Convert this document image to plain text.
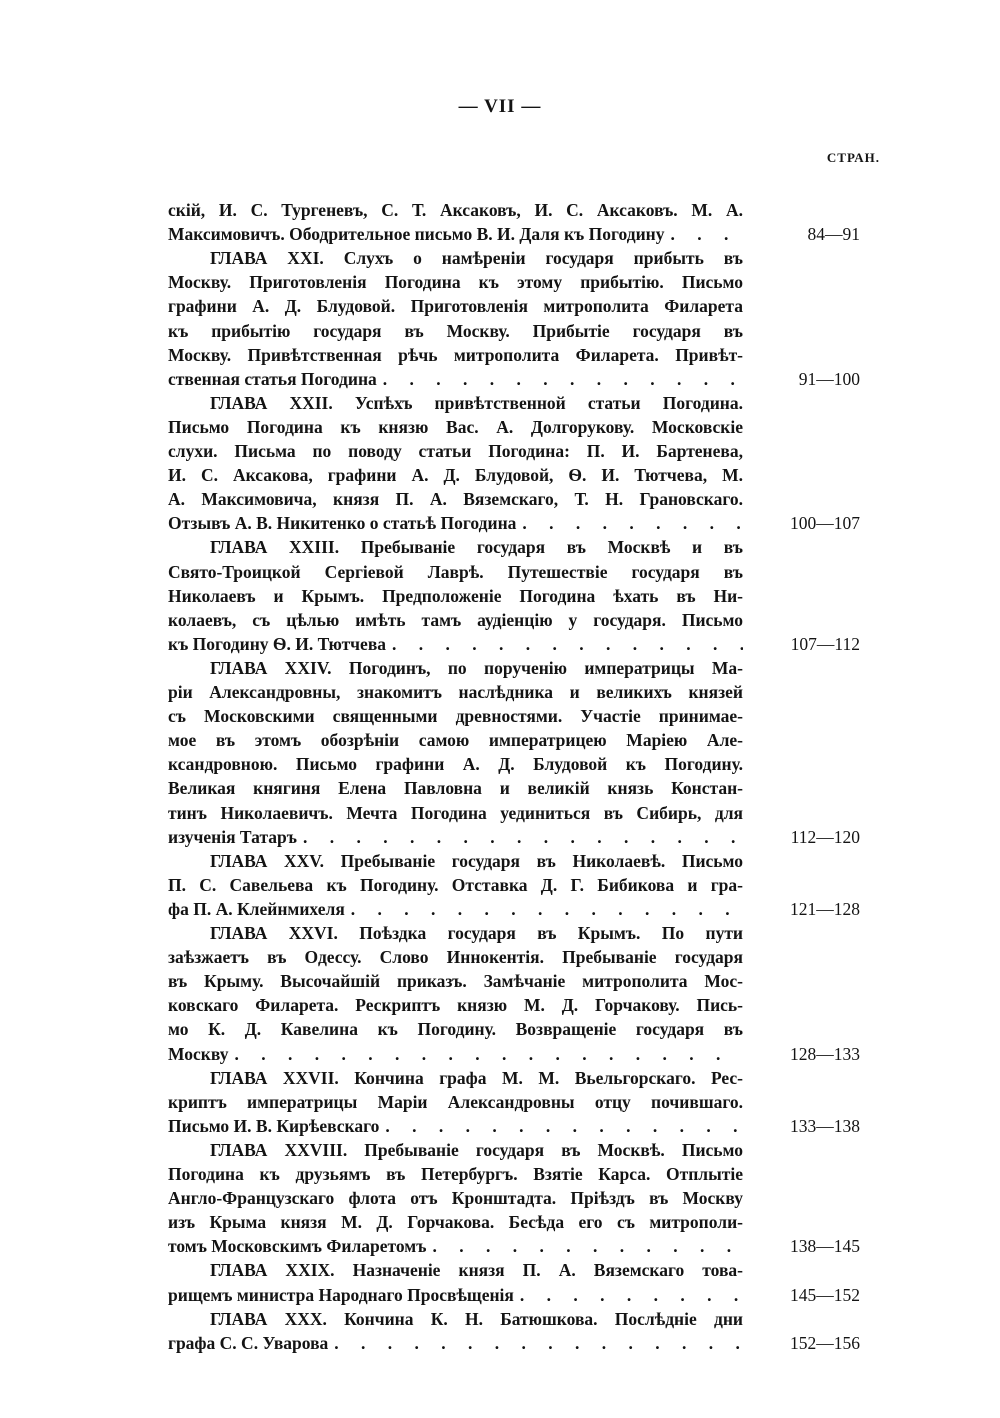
— VII —
СТРАН.
скій, И. С. Тургеневъ, С. Т. Аксаковъ, И. С. Аксаковъ. М. А.
84—91
Максимовичъ. Ободрительное письмо В. И. Даля къ Погодину
. . .
ГЛАВА XXI. Слухъ о намѣреніи государя прибыть въ
Москву. Приготовленія Погодина къ этому прибытію. Письмо
графини А. Д. Блудовой. Приготовленія митрополита Филарета
къ прибытію государя въ Москву. Прибытіе государя въ
Москву. Привѣтственная рѣчь митрополита Филарета. Привѣт-
91—100
ственная статья Погодина
. . .
ГЛАВА XXII. Успѣхъ привѣтственной статьи Погодина.
Письмо Погодина къ князю Вас. А. Долгорукову. Московскіе
слухи. Письма по поводу статьи Погодина: П. И. Бартенева,
И. С. Аксакова, графини А. Д. Блудовой, Ѳ. И. Тютчева, М.
А. Максимовича, князя П. А. Вяземскаго, Т. Н. Грановскаго.
100—107
Отзывъ А. В. Никитенко о статьѣ Погодина
. . .
ГЛАВА XXIII. Пребываніе государя въ Москвѣ и въ
Свято-Троицкой Сергіевой Лаврѣ. Путешествіе государя въ
Николаевъ и Крымъ. Предположеніе Погодина ѣхать въ Ни-
колаевъ, съ цѣлью имѣть тамъ аудіенцію у государя. Письмо
107—112
къ Погодину Ѳ. И. Тютчева
. . .
ГЛАВА XXIV. Погодинъ, по порученію императрицы Ма-
ріи Александровны, знакомитъ наслѣдника и великихъ князей
съ Московскими священными древностями. Участіе принимае-
мое въ этомъ обозрѣніи самою императрицею Маріею Але-
ксандровною. Письмо графини А. Д. Блудовой къ Погодину.
Великая княгиня Елена Павловна и великій князь Констан-
тинъ Николаевичъ. Мечта Погодина уединиться въ Сибирь, для
112—120
изученія Татаръ
. . .
ГЛАВА XXV. Пребываніе государя въ Николаевѣ. Письмо
П. С. Савельева къ Погодину. Отставка Д. Г. Бибикова и гра-
121—128
фа П. А. Клейнмихеля
. . .
ГЛАВА XXVI. Поѣздка государя въ Крымъ. По пути
заѣзжаетъ въ Одессу. Слово Иннокентія. Пребываніе государя
въ Крыму. Высочайшій приказъ. Замѣчаніе митрополита Мос-
ковскаго Филарета. Рескриптъ князю М. Д. Горчакову. Пись-
мо К. Д. Кавелина къ Погодину. Возвращеніе государя въ
128—133
Москву
. . .
ГЛАВА XXVII. Кончина графа М. М. Вьельгорскаго. Рес-
криптъ императрицы Маріи Александровны отцу почившаго.
133—138
Письмо И. В. Кирѣевскаго
. . .
ГЛАВА XXVIII. Пребываніе государя въ Москвѣ. Письмо
Погодина къ друзьямъ въ Петербургъ. Взятіе Карса. Отплытіе
Англо-Французскаго флота отъ Кронштадта. Пріѣздъ въ Москву
изъ Крыма князя М. Д. Горчакова. Бесѣда его съ митрополи-
138—145
томъ Московскимъ Филаретомъ
. . .
ГЛАВА XXIX. Назначеніе князя П. А. Вяземскаго това-
145—152
рищемъ министра Народнаго Просвѣщенія
. . .
ГЛАВА XXX. Кончина К. Н. Батюшкова. Послѣдніе дни
152—156
графа С. С. Уварова
. . .
